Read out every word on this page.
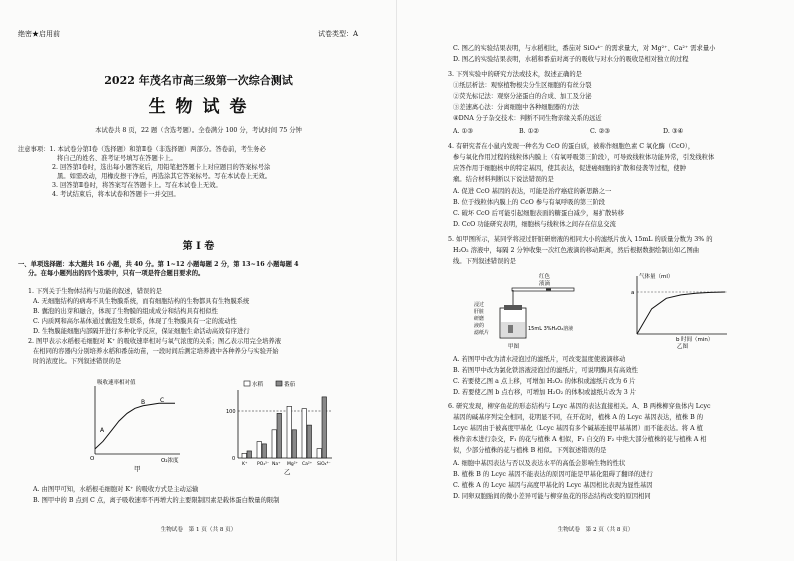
绝密★启用前	试卷类型：A
2022 年茂名市高三级第一次综合测试
生 物 试 卷
本试卷共 8 页，22 题（含选考题）。全卷满分 100 分，考试时间 75 分钟
注意事项：1. 本试卷分第Ⅰ卷（选择题）和第Ⅱ卷（非选择题）两部分。答卷前，考生务必
将自己的姓名、准考证号填写在答题卡上。
2. 回答第Ⅰ卷时，选出每小题答案后，用铅笔把答题卡上对应题目的答案标号涂
黑。如需改动，用橡皮擦干净后，再选涂其它答案标号。写在本试卷上无效。
3. 回答第Ⅱ卷时，将答案写在答题卡上。写在本试卷上无效。
4. 考试结束后，将本试卷和答题卡一并交回。
第 Ⅰ 卷
一、单项选择题：本大题共 16 小题，共 40 分。第 1~12 小题每题 2 分，第 13~16 小题每题 4
分。在每小题列出的四个选项中，只有一项是符合题目要求的。
1. 下列关于生物体结构与功能的叙述，错误的是
A. 无细胞结构的病毒不具生物膜系统，而有细胞结构的生物都具有生物膜系统
B. 囊泡的出芽和融合，体现了生物膜的组成成分和结构具有相似性
C. 内质网和高尔基体通过囊泡发生联系，体现了生物膜具有一定的流动性
D. 生物膜能细胞内部隔开进行多种化学反应，保证细胞生命活动高效有序进行
2. 图甲表示水稻根毛细胞对 K⁺ 的吸收速率相对与氧气浓度的关系；图乙表示用完全培养液
在相同的容器内分别培养水稻和番茄幼苗，一段时间后测定培养液中各种养分与实验开始
时的浓度比。下列叙述错误的是
吸收速率相对值
O₂浓度
O
A
B C
甲
水稻	番茄
100
0
K⁺ PO₄³⁻ Na⁺ Mg²⁺ Ca²⁺ SiO₄⁴⁻
乙
A. 由图甲可知，水稻根毛细胞对 K⁺ 的吸收方式是主动运输
B. 图甲中的 B 点到 C 点，离子吸收速率不再增大的主要限制因素是载体蛋白数量的限制
生物试卷　第 1 页（共 8 页）
C. 图乙的实验结果表明，与水稻相比，番茄对 SiO₄⁴⁻ 的需求量大，对 Mg²⁺、Ca²⁺ 需求量小
D. 图乙的实验结果表明，水稻和番茄对离子的吸收与对水分的吸收是相对独立的过程
3. 下列实验中的研究方法或技术，叙述正确的是
①纸层析法：观察植物根尖分生区细胞的有丝分裂
②荧光标记法：观察分泌蛋白的合成、加工及分泌
③差速离心法：分离细胞中各种细胞器的方法
④DNA 分子杂交技术：判断不同生物亲缘关系的远近
A. ①③	B. ①②	C. ②③	D. ③④
4. 有研究者在小鼠内发现一种名为 CcO 的蛋白质，被称作细胞色素 C 氧化酶（CcO），
参与氧化作用过程的线粒体内膜上（有氧呼吸第三阶段），可导致线粒体功能异常，引发线粒体
应答作用于细胞核中的特定基因，使其表达，促进癌细胞的扩散和侵袭等过程，使肿
瘤。结合材料判断以下说法错误的是
A. 促进 CcO 基因的表达，可能是治疗癌症的新思路之一
B. 位于线粒体内膜上的 CcO 参与有氧呼吸的第三阶段
C. 破坏 CcO 后可能引起细胞表面的糖蛋白减少，易扩散转移
D. CcO 功能研究表明，细胞核与线粒体之间存在信息交流
5. 如甲图所示，某同学将浸过肝脏研磨液的相同大小的滤纸片放入 15mL 的质量分数为 3% 的
H₂O₂ 溶液中，每隔 2 分钟收集一次红色液滴的移动距离，然后根据数据绘制出如乙图曲
线。下列叙述错误的是
红色
液滴
浸过
肝脏
研磨
液的
滤纸片
15mL 3%H₂O₂溶液
甲图
气体量（ml）
a
b 时间（min）
乙图
A. 若图甲中改为清水浸泡过的滤纸片，可改变温度使液滴移动
B. 若图甲中改为氯化铁溶液浸泡过的滤纸片，可说明酶具有高效性
C. 若要使乙图 a 点上移，可增加 H₂O₂ 的体积或滤纸片改为 6 片
D. 若要使乙图 b 点右移，可增加 H₂O₂ 的体积或滤纸片改为 3 片
6. 研究发现，柳穿鱼花的形态结构与 Lcyc 基因的表达直接相关。A、B 两株柳穿鱼体内 Lcyc
基因的碱基序列完全相同，花明显不同，在开花时，植株 A 的 Lcyc 基因表达，植株 B 的
Lcyc 基因由于被高度甲基化（Lcyc 基因有多个碱基连接甲基基团）而不能表达。将 A 植
株作亲本进行杂交，F₁ 的花与植株 A 相似，F₁ 自交的 F₂ 中绝大部分植株的花与植株 A 相
似，少部分植株的花与植株 B 相似。下列叙述错误的是
A. 细胞中基因表达与否以及表达水平的高低会影响生物的性状
B. 植株 B 的 Lcyc 基因不能表达的原因可能是甲基化阻碍了翻译的进行
C. 植株 A 的 Lcyc 基因与高度甲基化的 Lcyc 基因相比表现为显性基因
D. 同卵双胞胎间的微小差异可能与柳穿鱼花的形态结构改变的原因相同
生物试卷　第 2 页（共 8 页）
